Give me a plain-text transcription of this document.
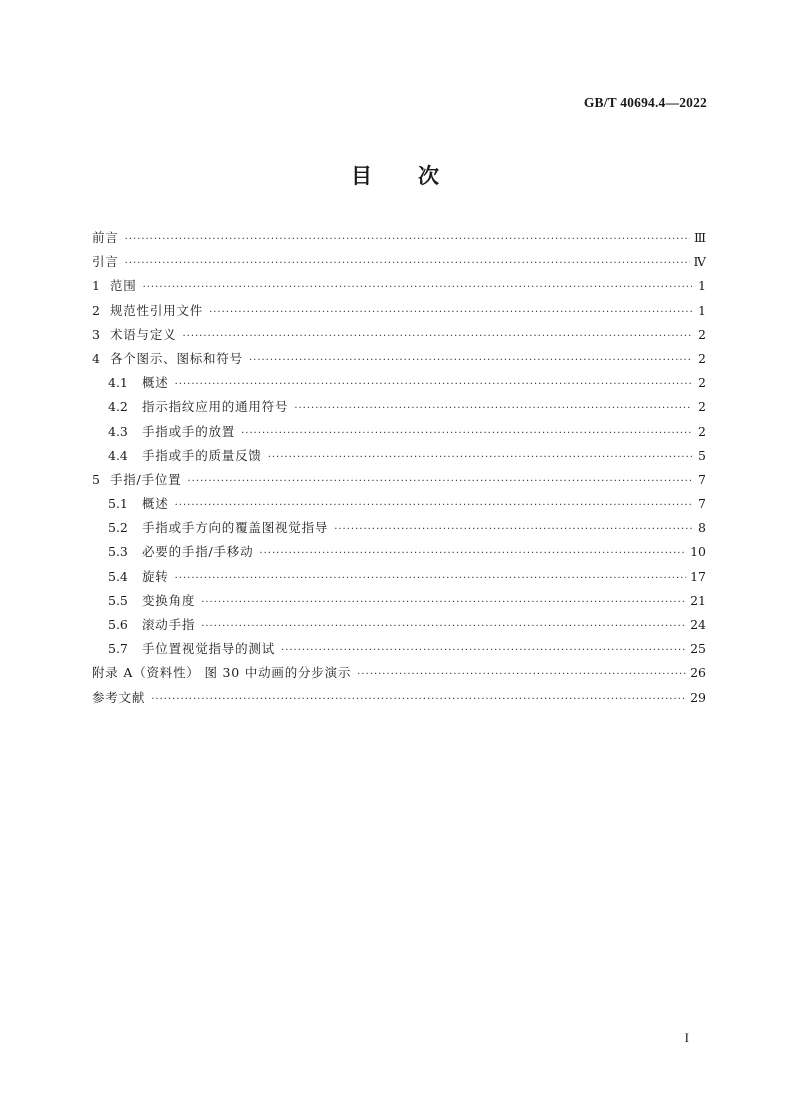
GB/T 40694.4—2022
目 次
前言 ·····	Ⅲ
引言 ·····	Ⅳ
1 范围 ·····	1
2 规范性引用文件 ·····	1
3 术语与定义 ·····	2
4 各个图示、图标和符号 ·····	2
4.1	概述 ·····	2
4.2	指示指纹应用的通用符号 ·····	2
4.3	手指或手的放置 ·····	2
4.4	手指或手的质量反馈 ·····	5
5 手指/手位置 ·····	7
5.1	概述 ·····	7
5.2	手指或手方向的覆盖图视觉指导 ·····	8
5.3	必要的手指/手移动 ·····	10
5.4	旋转 ·····	17
5.5	变换角度 ·····	21
5.6	滚动手指 ·····	24
5.7	手位置视觉指导的测试 ·····	25
附录 A（资料性） 图 30 中动画的分步演示 ·····	26
参考文献 ·····	29
I
